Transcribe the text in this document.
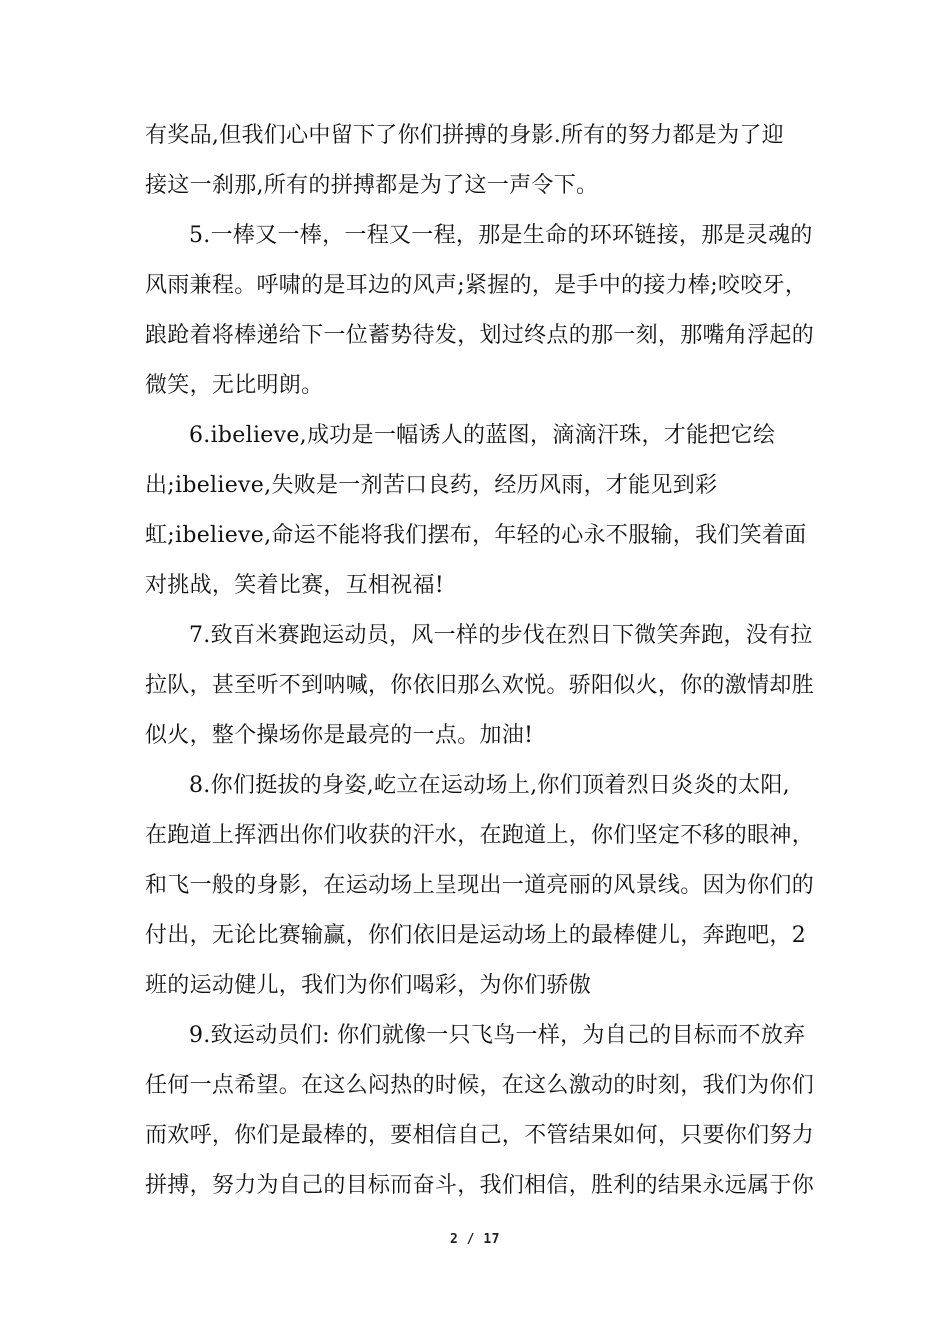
有奖品,但我们心中留下了你们拼搏的身影.所有的努力都是为了迎
接这一刹那,所有的拼搏都是为了这一声令下。
5.一棒又一棒，一程又一程，那是生命的环环链接，那是灵魂的
风雨兼程。呼啸的是耳边的风声;紧握的，是手中的接力棒;咬咬牙，
踉跄着将棒递给下一位蓄势待发，划过终点的那一刻，那嘴角浮起的
微笑，无比明朗。
6.ibelieve,成功是一幅诱人的蓝图，滴滴汗珠，才能把它绘
出;ibelieve,失败是一剂苦口良药，经历风雨，才能见到彩
虹;ibelieve,命运不能将我们摆布，年轻的心永不服输，我们笑着面
对挑战，笑着比赛，互相祝福!
7.致百米赛跑运动员，风一样的步伐在烈日下微笑奔跑，没有拉
拉队，甚至听不到呐喊，你依旧那么欢悦。骄阳似火，你的激情却胜
似火，整个操场你是最亮的一点。加油!
8.你们挺拔的身姿,屹立在运动场上,你们顶着烈日炎炎的太阳,
在跑道上挥洒出你们收获的汗水，在跑道上，你们坚定不移的眼神，
和飞一般的身影，在运动场上呈现出一道亮丽的风景线。因为你们的
付出，无论比赛输赢，你们依旧是运动场上的最棒健儿，奔跑吧，2
班的运动健儿，我们为你们喝彩，为你们骄傲
9.致运动员们: 你们就像一只飞鸟一样，为自己的目标而不放弃
任何一点希望。在这么闷热的时候，在这么激动的时刻，我们为你们
而欢呼，你们是最棒的，要相信自己，不管结果如何，只要你们努力
拼搏，努力为自己的目标而奋斗，我们相信，胜利的结果永远属于你
2 / 17
